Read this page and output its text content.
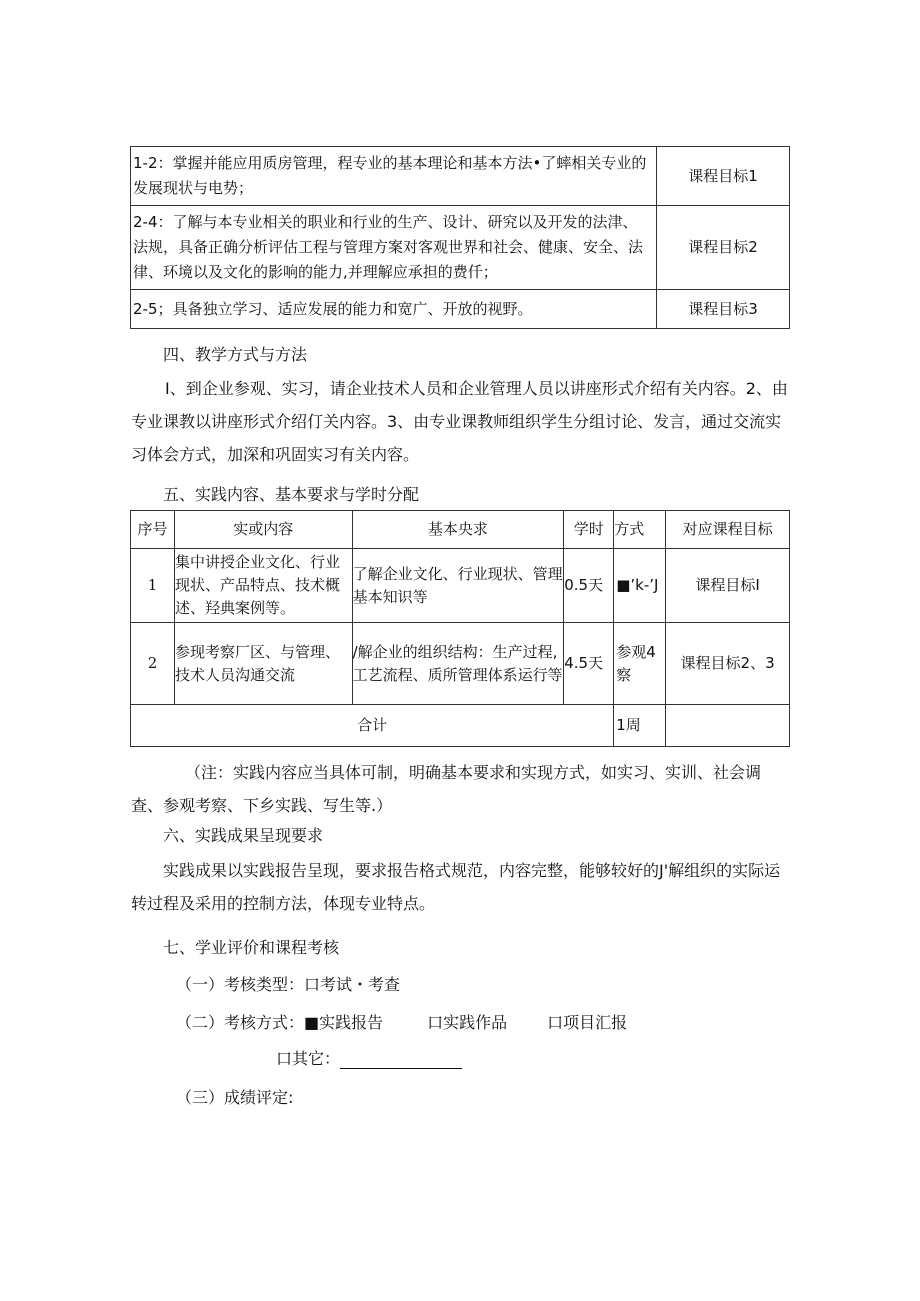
1-2：掌握并能应用质房管理，程专业的基本理论和基本方法•了蟀相关专业的发展现状与电势；	课程目标1
2-4：了解与本专业相关的职业和行业的生产、设计、研究以及开发的法津、法规，具备正确分析评估工程与管理方案对客观世界和社会、健康、安全、法律、环境以及文化的影响的能力,并理解应承担的费仟；	课程目标2
2-5；具备独立学习、适应发展的能力和宽广、开放的视野。	课程目标3
四、教学方式与方法
I、到企业参观、实习，请企业技术人员和企业管理人员以讲座形式介绍有关内容。2、由专业课教以讲座形式介绍仃关内容。3、由专业课教师组织学生分组讨论、发言，通过交流实习体会方式，加深和巩固实习有关内容。
五、实践内容、基本要求与学时分配
序号	实或内容	基本央求	学时	方式	对应课程目标
1	集中讲授企业文化、行业现状、产品特点、技术概述、羟典案例等。	了解企业文化、行业现状、管理基本知识等	0.5天	■’k-’J	课程目标I
2	参现考察厂区、与管理、技术人员沟通交流	/解企业的组织结构：生产过程,工艺流程、质所管理体系运行等	4.5天	参观4察	课程目标2、3
合计				1周	
（注：实践内容应当具体可制，明确基本要求和实现方式，如实习、实训、社会调查、参观考察、下乡实践、写生等.）
六、实践成果呈现要求
实践成果以实践报告呈现，要求报告格式规范，内容完整，能够较好的J'解组织的实际运转过程及采用的控制方法，体现专业特点。
七、学业评价和课程考核
（一）考核类型：口考试・考查
（二）考核方式：■实践报告	口实践作品	口项目汇报
口其它：
（三）成绩评定:
